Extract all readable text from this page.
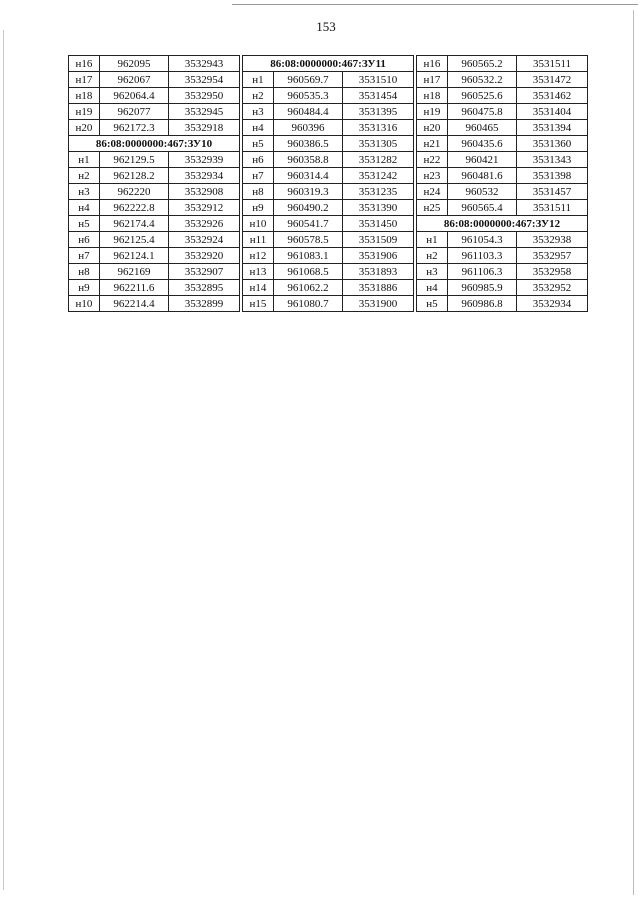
153
н16	962095	3532943
н17	962067	3532954
н18	962064.4	3532950
н19	962077	3532945
н20	962172.3	3532918
86:08:0000000:467:ЗУ10		
н1	962129.5	3532939
н2	962128.2	3532934
н3	962220	3532908
н4	962222.8	3532912
н5	962174.4	3532926
н6	962125.4	3532924
н7	962124.1	3532920
н8	962169	3532907
н9	962211.6	3532895
н10	962214.4	3532899
86:08:0000000:467:ЗУ11		
н1	960569.7	3531510
н2	960535.3	3531454
н3	960484.4	3531395
н4	960396	3531316
н5	960386.5	3531305
н6	960358.8	3531282
н7	960314.4	3531242
н8	960319.3	3531235
н9	960490.2	3531390
н10	960541.7	3531450
н11	960578.5	3531509
н12	961083.1	3531906
н13	961068.5	3531893
н14	961062.2	3531886
н15	961080.7	3531900
н16	960565.2	3531511
н17	960532.2	3531472
н18	960525.6	3531462
н19	960475.8	3531404
н20	960465	3531394
н21	960435.6	3531360
н22	960421	3531343
н23	960481.6	3531398
н24	960532	3531457
н25	960565.4	3531511
86:08:0000000:467:ЗУ12		
н1	961054.3	3532938
н2	961103.3	3532957
н3	961106.3	3532958
н4	960985.9	3532952
н5	960986.8	3532934
